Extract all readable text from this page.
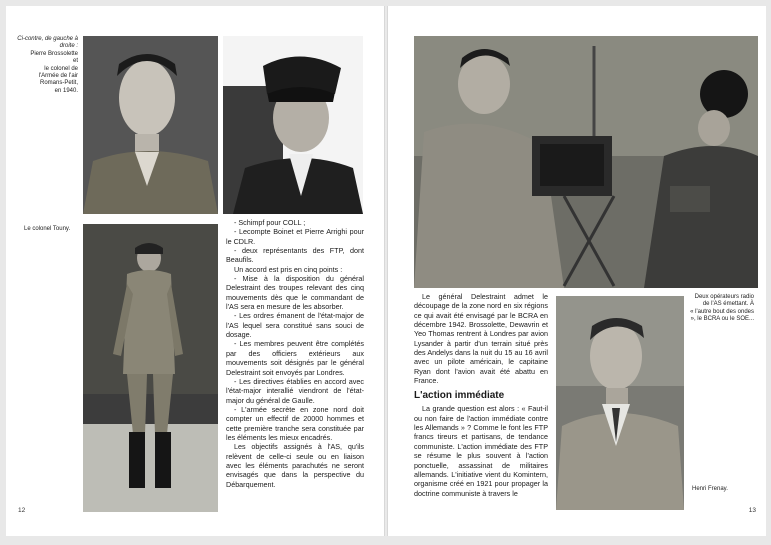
Ci-contre, de gauche à droite :
Pierre Brossolette
et
le colonel de
l'Armée de l'air
Romans-Petit,
en 1940.
Le colonel Touny.

- Schimpf pour COLL ;

- Lecompte Boinet et Pierre Arrighi pour le CDLR.

- deux représentants des FTP, dont Beaufils.

Un accord est pris en cinq points :

- Mise à la disposition du général Delestraint des troupes relevant des cinq mouvements dès que le commandant de l'AS sera en mesure de les absorber.

- Les ordres émanent de l'état-major de l'AS lequel sera constitué sans souci de dosage.

- Les membres peuvent être complétés par des officiers extérieurs aux mouvements soit désignés par le général Delestraint soit envoyés par Londres.

- Les directives établies en accord avec l'état-major interallié viendront de l'état-major du général de Gaulle.

- L'armée secrète en zone nord doit compter un effectif de 20000 hommes et cette première tranche sera constituée par les éléments les mieux encadrés.

Les objectifs assignés à l'AS, qu'ils relèvent de celle-ci seule ou en liaison avec les éléments parachutés ne seront envisagés que dans la perspective du Débarquement.

12
Deux opérateurs radio de l'AS émettant. À
« l'autre bout des ondes », le BCRA ou le SOE...

Le général Delestraint admet le découpage de la zone nord en six régions ce qui avait été envisagé par le BCRA en décembre 1942. Brossolette, Dewavrin et Yeo Thomas rentrent à Londres par avion Lysander à partir d'un terrain situé près des Andelys dans la nuit du 15 au 16 avril avec un pilote américain, le capitaine Ryan dont l'avion avait été abattu en France.

L'action immédiate

La grande question est alors : « Faut-il ou non faire de l'action immédiate contre les Allemands » ? Comme le font les FTP francs tireurs et partisans, de tendance communiste. L'action immédiate des FTP se résume le plus souvent à l'action ponctuelle, assassinat de militaires allemands. L'initiative vient du Komintern, organisme créé en 1921 pour propager la doctrine communiste à travers le	Henri Frenay.
13
